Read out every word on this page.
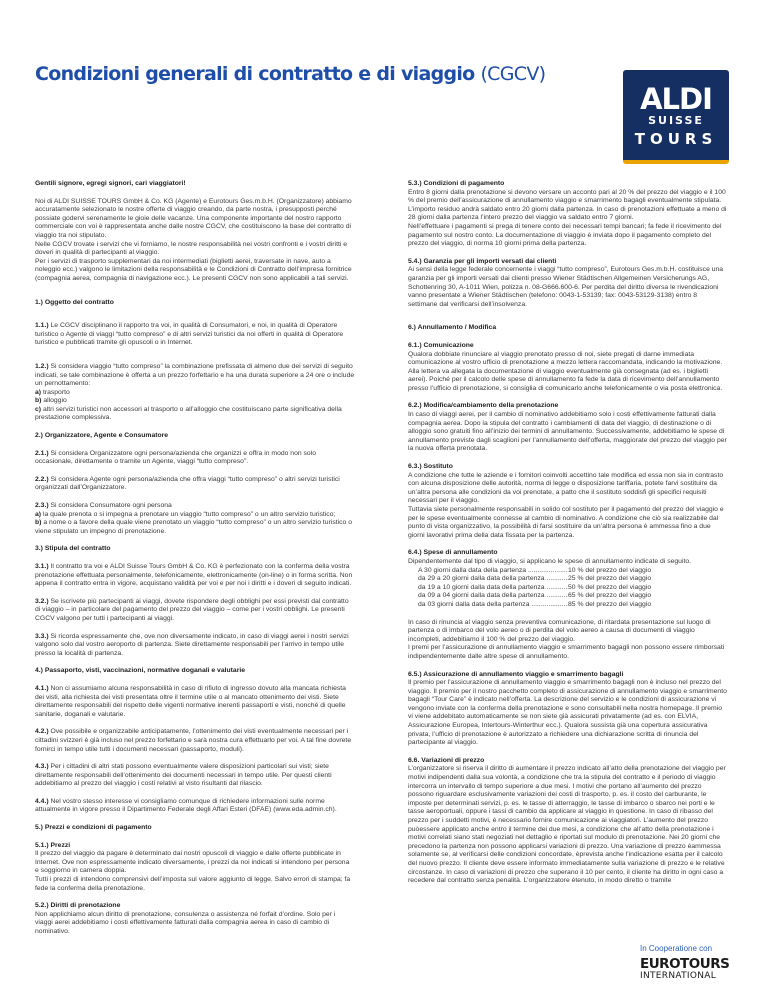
Condizioni generali di contratto e di viaggio (CGCV)
ALDI
SUISSE
TOURS

Gentili signore, egregi signori, cari viaggiatori!

Noi di ALDI SUISSE TOURS GmbH & Co. KG (Agente) e Eurotours Ges.m.b.H. (Organizzatore) abbiamo accuratamente selezionato le nostre offerte di viaggio creando, da parte nostra, i presupposti perché possiate godervi serenamente le gioie delle vacanze. Una componente importante del nostro rapporto commerciale con voi è rappresentata anche dalle nostre CGCV, che costituiscono la base del contratto di viaggio tra noi stipulato.

Nelle CGCV trovate i servizi che vi forniamo, le nostre responsabilità nei vostri confronti e i vostri diritti e doveri in qualità di partecipanti al viaggio.

Per i servizi di trasporto supplementari da noi intermediati (biglietti aerei, traversate in nave, auto a noleggio ecc.) valgono le limitazioni della responsabilità e le Condizioni di Contratto dell’impresa fornitrice (compagnia aerea, compagnia di navigazione ecc.). Le presenti CGCV non sono applicabili a tali servizi.

1.) Oggetto del contratto

1.1.) Le CGCV disciplinano il rapporto tra voi, in qualità di Consumatori, e noi, in qualità di Operatore turistico o Agente di viaggi “tutto compreso” e di altri servizi turistici da noi offerti in qualità di Operatore turistico e pubblicati tramite gli opuscoli o in Internet.

1.2.) Si considera viaggio “tutto compreso” la combinazione prefissata di almeno due dei servizi di seguito indicati, se tale combinazione è offerta a un prezzo forfettario e ha una durata superiore a 24 ore o include un pernottamento:

a) trasporto

b) alloggio

c) altri servizi turistici non accessori al trasporto o all’alloggio che costituiscano parte significativa della prestazione complessiva.

2.) Organizzatore, Agente e Consumatore

2.1.) Si considera Organizzatore ogni persona/azienda che organizzi e offra in modo non solo occasionale, direttamente o tramite un Agente, viaggi “tutto compreso”.

2.2.) Si considera Agente ogni persona/azienda che offra viaggi “tutto compreso” o altri servizi turistici organizzati dall’Organizzatore.

2.3.) Si considera Consumatore ogni persona

a) la quale prenota o si impegna a prenotare un viaggio “tutto compreso” o un altro servizio turistico;

b) a nome o a favore della quale viene prenotato un viaggio “tutto compreso” o un altro servizio turistico o viene stipulato un impegno di prenotazione.

3.) Stipula del contratto

3.1.) Il contratto tra voi e ALDI Suisse Tours GmbH & Co. KG è perfezionato con la conferma della vostra prenotazione effettuata personalmente, telefonicamente, elettronicamente (on-line) o in forma scritta. Non appena il contratto entra in vigore, acquistano validità per voi e per noi i diritti e i doveri di seguito indicati.

3.2.) Se iscrivete più partecipanti ai viaggi, dovete rispondere degli obblighi per essi previsti dal contratto di viaggio – in particolare del pagamento del prezzo del viaggio – come per i vostri obblighi. Le presenti CGCV valgono per tutti i partecipanti ai viaggi.

3.3.) Si ricorda espressamente che, ove non diversamente indicato, in caso di viaggi aerei i nostri servizi valgono solo dal vostro aeroporto di partenza. Siete direttamente responsabili per l’arrivo in tempo utile presso la località di partenza.

4.) Passaporto, visti, vaccinazioni, normative doganali e valutarie

4.1.) Non ci assumiamo alcuna responsabilità in caso di rifiuto di ingresso dovuto alla mancata richiesta dei visti, alla richiesta dei visti presentata oltre il termine utile o al mancato ottenimento dei visti. Siete direttamente responsabili del rispetto delle vigenti normative inerenti passaporti e visti, nonché di quelle sanitarie, doganali e valutarie.

4.2.) Ove possibile e organizzabile anticipatamente, l’ottenimento dei visti eventualmente necessari per i cittadini svizzeri è già incluso nel prezzo forfettario e sarà nostra cura effettuarlo per voi. A tal fine dovrete fornirci in tempo utile tutti i documenti necessari (passaporto, moduli).

4.3.) Per i cittadini di altri stati possono eventualmente valere disposizioni particolari sui visti; siete direttamente responsabili dell’ottenimento dei documenti necessari in tempo utile. Per questi clienti addebitiamo al prezzo del viaggio i costi relativi al visto risultanti dal rilascio.

4.4.) Nel vostro stesso interesse vi consigliamo comunque di richiedere informazioni sulle norme attualmente in vigore presso il Dipartimento Federale degli Affari Esteri (DFAE) (www.eda.admin.ch).

5.) Prezzi e condizioni di pagamento

5.1.) Prezzi

Il prezzo del viaggio da pagare è determinato dai nostri opuscoli di viaggio e dalle offerte pubblicate in Internet. Ove non espressamente indicato diversamente, i prezzi da noi indicati si intendono per persona e soggiorno in camera doppia.

Tutti i prezzi di intendono comprensivi dell’imposta sul valore aggiunto di legge. Salvo errori di stampa; fa fede la conferma della prenotazione.

5.2.) Diritti di prenotazione

Non applichiamo alcun diritto di prenotazione, consulenza o assistenza né forfait d’ordine. Solo per i viaggi aerei addebitiamo i costi effettivamente fatturati dalla compagnia aerea in caso di cambio di nominativo.

5.3.) Condizioni di pagamento

Entro 8 giorni dalla prenotazione si devono versare un acconto pari al 20 % del prezzo del viaggio e il 100 % del premio dell’assicurazione di annullamento viaggio e smarrimento bagagli eventualmente stipulata. L’importo residuo andrà saldato entro 20 giorni dalla partenza. In caso di prenotazioni effettuate a meno di 28 giorni dalla partenza l’intero prezzo del viaggio va saldato entro 7 giorni.

Nell’effettuare i pagamenti si prega di tenere conto dei necessari tempi bancari; fa fede il ricevimento del pagamento sul nostro conto. La documentazione di viaggio è inviata dopo il pagamento completo del prezzo del viaggio, di norma 10 giorni prima della partenza.

5.4.) Garanzia per gli importi versati dai clienti

Ai sensi della legge federale concernente i viaggi “tutto compreso”, Eurotours Ges.m.b.H. costituisce una garanzia per gli importi versati dai clienti presso Wiener Städtischen Allgemeinen Versicherungs AG, Schottenring 30, A-1011 Wien, polizza n. 08-G666.600-6. Per perdita del diritto diversa le rivendicazioni vanno presentate a Wiener Städtischen (telefono: 0043-1-53139; fax: 0043-53129-3138) entro 8 settimane dal verificarsi dell’insolvenza.

6.) Annullamento / Modifica

6.1.) Comunicazione

Qualora dobbiate rinunciare al viaggio prenotato presso di noi, siete pregati di darne immediata comunicazione al vostro ufficio di prenotazione a mezzo lettera raccomandata, indicando la motivazione. Alla lettera va allegata la documentazione di viaggio eventualmente già consegnata (ad es. i biglietti aerei). Poiché per il calcolo delle spese di annullamento fa fede la data di ricevimento dell’annullamento presso l’ufficio di prenotazione, si consiglia di comunicarlo anche telefonicamente o via posta elettronica.

6.2.) Modifica/cambiamento della prenotazione

In caso di viaggi aerei, per il cambio di nominativo addebitiamo solo i costi effettivamente fatturati dalla compagnia aerea. Dopo la stipula del contratto i cambiamenti di data del viaggio, di destinazione o di alloggio sono gratuiti fino all’inizio dei termini di annullamento. Successivamente, addebitiamo le spese di annullamento previste dagli scaglioni per l’annullamento dell’offerta, maggiorate del prezzo del viaggio per la nuova offerta prenotata.

6.3.) Sostituto

A condizione che tutte le aziende e i fornitori coinvolti accettino tale modifica ed essa non sia in contrasto con alcuna disposizione delle autorità, norma di legge o disposizione tariffaria, potete farvi sostituire da un’altra persona alle condizioni da voi prenotate, a patto che il sostituto soddisfi gli specifici requisiti necessari per il viaggio.

Tuttavia siete personalmente responsabili in solido col sostituto per il pagamento del prezzo del viaggio e per le spese eventualmente connesse al cambio di nominativo. A condizione che ciò sia realizzabile dal punto di vista organizzativo, la possibilità di farsi sostituire da un’altra persona è ammessa fino a due giorni lavorativi prima della data fissata per la partenza.

6.4.) Spese di annullamento

Dipendentemente dal tipo di viaggio, si applicano le spese di annullamento indicate di seguito.

A 30 giorni dalla data della partenza .....	10 % del prezzo del viaggio
da 29 a 20 giorni dalla data della partenza .....	25 % del prezzo del viaggio
da 19 a 10 giorni dalla data della partenza .....	50 % del prezzo del viaggio
da 09 a 04 giorni dalla data della partenza .....	65 % del prezzo del viaggio
da 03 giorni dalla data della partenza .....	85 % del prezzo del viaggio

In caso di rinuncia al viaggio senza preventiva comunicazione, di ritardata presentazione sul luogo di partenza o di imbarco del volo aereo o di perdita del volo aereo a causa di documenti di viaggio incompleti, addebitiamo il 100 % del prezzo del viaggio.

I premi per l’assicurazione di annullamento viaggio e smarrimento bagagli non possono essere rimborsati indipendentemente dalle altre spese di annullamento.

6.5.) Assicurazione di annullamento viaggio e smarrimento bagagli

Il premio per l’assicurazione di annullamento viaggio e smarrimento bagagli non è incluso nel prezzo del viaggio. Il premio per il nostro pacchetto completo di assicurazione di annullamento viaggio e smarrimento bagagli “Tour Care” è indicato nell’offerta. La descrizione del servizio e le condizioni di assicurazione vi vengono inviate con la conferma della prenotazione e sono consultabili nella nostra homepage. Il premio vi viene addebitato automaticamente se non siete già assicurati privatamente (ad es. con ELVIA, Assicurazione Europea, Intertours-Winterthur ecc.). Qualora sussista già una copertura assicurativa privata, l’ufficio di prenotazione è autorizzato a richiedere una dichiarazione scritta di rinuncia del partecipante al viaggio.

6.6. Variazioni di prezzo

L’organizzatore si riserva il diritto di aumentare il prezzo indicato all’atto della prenotazione del viaggio per motivi indipendenti dalla sua volontà, a condizione che tra la stipula del contratto e il periodo di viaggio intercorra un intervallo di tempo superiore a due mesi. I motivi che portano all’aumento del prezzo possono riguardare esclusivamente variazioni dei costi di trasporto, p. es. il costo del carburante, le imposte per determinati servizi, p. es. le tasse di atterraggio, le tasse di imbarco o sbarco nei porti e le tasse aeroportuali, oppure i tassi di cambio da applicare al viaggio in questione. In caso di ribasso del prezzo per i suddetti motivi, è necessario fornire comunicazione ai viaggiatori. L’aumento del prezzo puòessere applicato anche entro il termine dei due mesi, a condizione che all’atto della prenotazione i motivi correlati siano stati negoziati nel dettaglio e riportati sul modulo di prenotazione. Nei 20 giorni che precedono la partenza non possono applicarsi variazioni di prezzo. Una variazione di prezzo èammessa solamente se, al verificarsi delle condizioni concordate, èprevista anche l’indicazione esatta per il calcolo del nuovo prezzo. Il cliente deve essere informato immediatamente sulla variazione di prezzo e le relative circostanze. In caso di variazioni di prezzo che superano il 10 per cento, il cliente ha diritto in ogni caso a recedere dal contratto senza penalità. L’organizzatore ètenuto, in modo diretto o tramite

In Cooperatione con
EUROTOURS
INTERNATIONAL
